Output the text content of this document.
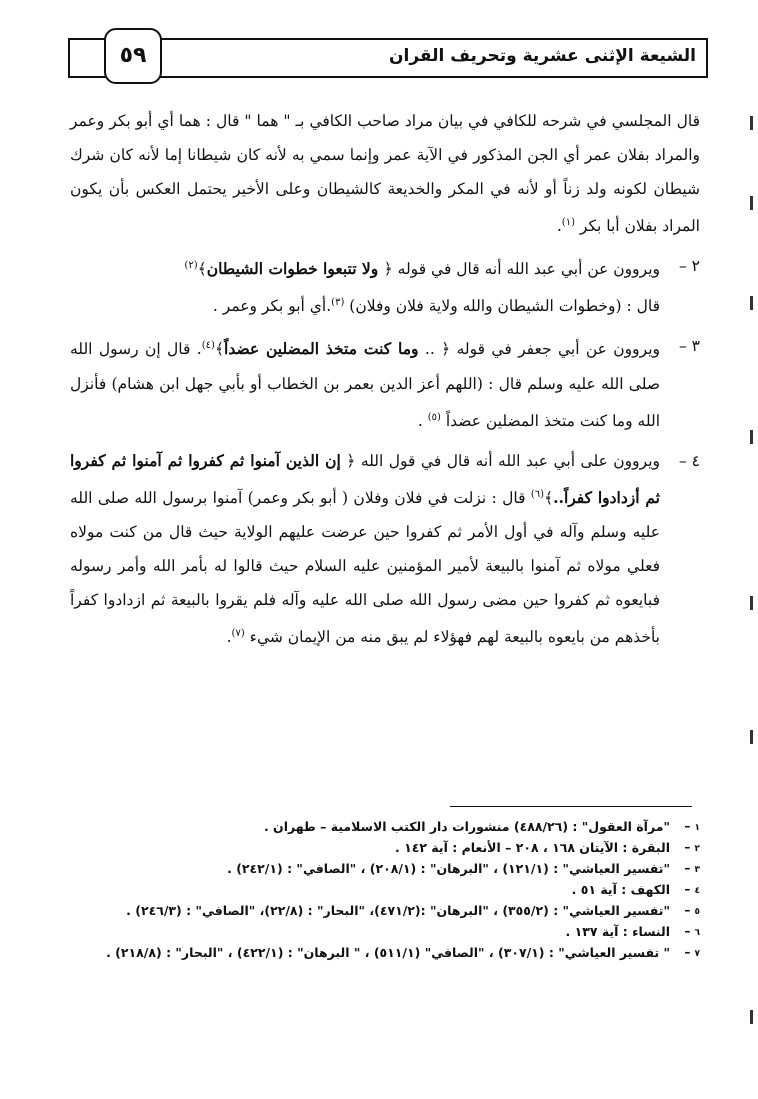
الشيعة الإثنى عشرية وتحريف القران
٥٩

قال المجلسي في شرحه للكافي في بيان مراد صاحب الكافي بـ " هما " قال : هما أي أبو بكر وعمر والمراد بفلان عمر أي الجن المذكور في الآية عمر وإنما سمي به لأنه كان شيطانا إما لأنه كان شرك شيطان لكونه ولد زناً أو لأنه في المكر والخديعة كالشيطان وعلى الأخير يحتمل العكس بأن يكون المراد بفلان أبا بكر $^{(١)}$.

٢ –
ويروون عن أبي عبد الله أنه قال في قوله ﴿ ولا تتبعوا خطوات الشيطان﴾$^{(٢)}$
قال : (وخطوات الشيطان والله ولاية فلان وفلان) $^{(٣)}$.أي أبو بكر وعمر .
٣ –
ويروون عن أبي جعفر في قوله ﴿ .. وما كنت متخذ المضلين عضداً﴾$^{(٤)}$. قال إن رسول الله صلى الله عليه وسلم قال : (اللهم أعز الدين بعمر بن الخطاب أو بأبي جهل ابن هشام) فأنزل الله وما كنت متخذ المضلين عضداً $^{(٥)}$ .
٤ –
ويروون على أبي عبد الله أنه قال في قول الله ﴿ إن الذين آمنوا ثم كفروا ثم آمنوا ثم كفروا ثم أزدادوا كفراً..﴾$^{(٦)}$ قال : نزلت في فلان وفلان ( أبو بكر وعمر) آمنوا برسول الله صلى الله عليه وسلم وآله في أول الأمر ثم كفروا حين عرضت عليهم الولاية حيث قال من كنت مولاه فعلي مولاه ثم آمنوا بالبيعة لأمير المؤمنين عليه السلام حيث قالوا له بأمر الله وأمر رسوله فبايعوه ثم كفروا حين مضى رسول الله صلى الله عليه وآله فلم يقروا بالبيعة ثم ازدادوا كفراً بأخذهم من بايعوه بالبيعة لهم فهؤلاء لم يبق منه من الإيمان شيء $^{(٧)}$.

١ –
"مرآة العقول" : (٤٨٨/٢٦) منشورات دار الكتب الاسلامية – طهران .

٢ –
البقرة : الآيتان ١٦٨ ، ٢٠٨ – الأنعام : آية ١٤٢ .

٣ –
"تفسير العياشي" : (١٢١/١) ، "البرهان" : (٢٠٨/١) ، "الصافي" : (٢٤٢/١) .

٤ –
الكهف : آية ٥١ .

٥ –
"تفسير العياشي" : (٣٥٥/٢) ، "البرهان" :(٤٧١/٢)، "البحار" : (٢٢/٨)، "الصافي" : (٢٤٦/٣) .

٦ –
النساء : آية ١٣٧ .

٧ –
" تفسير العياشي" : (٣٠٧/١) ، "الصافي" (٥١١/١) ، " البرهان" : (٤٢٢/١) ، "البحار" : (٢١٨/٨) .
